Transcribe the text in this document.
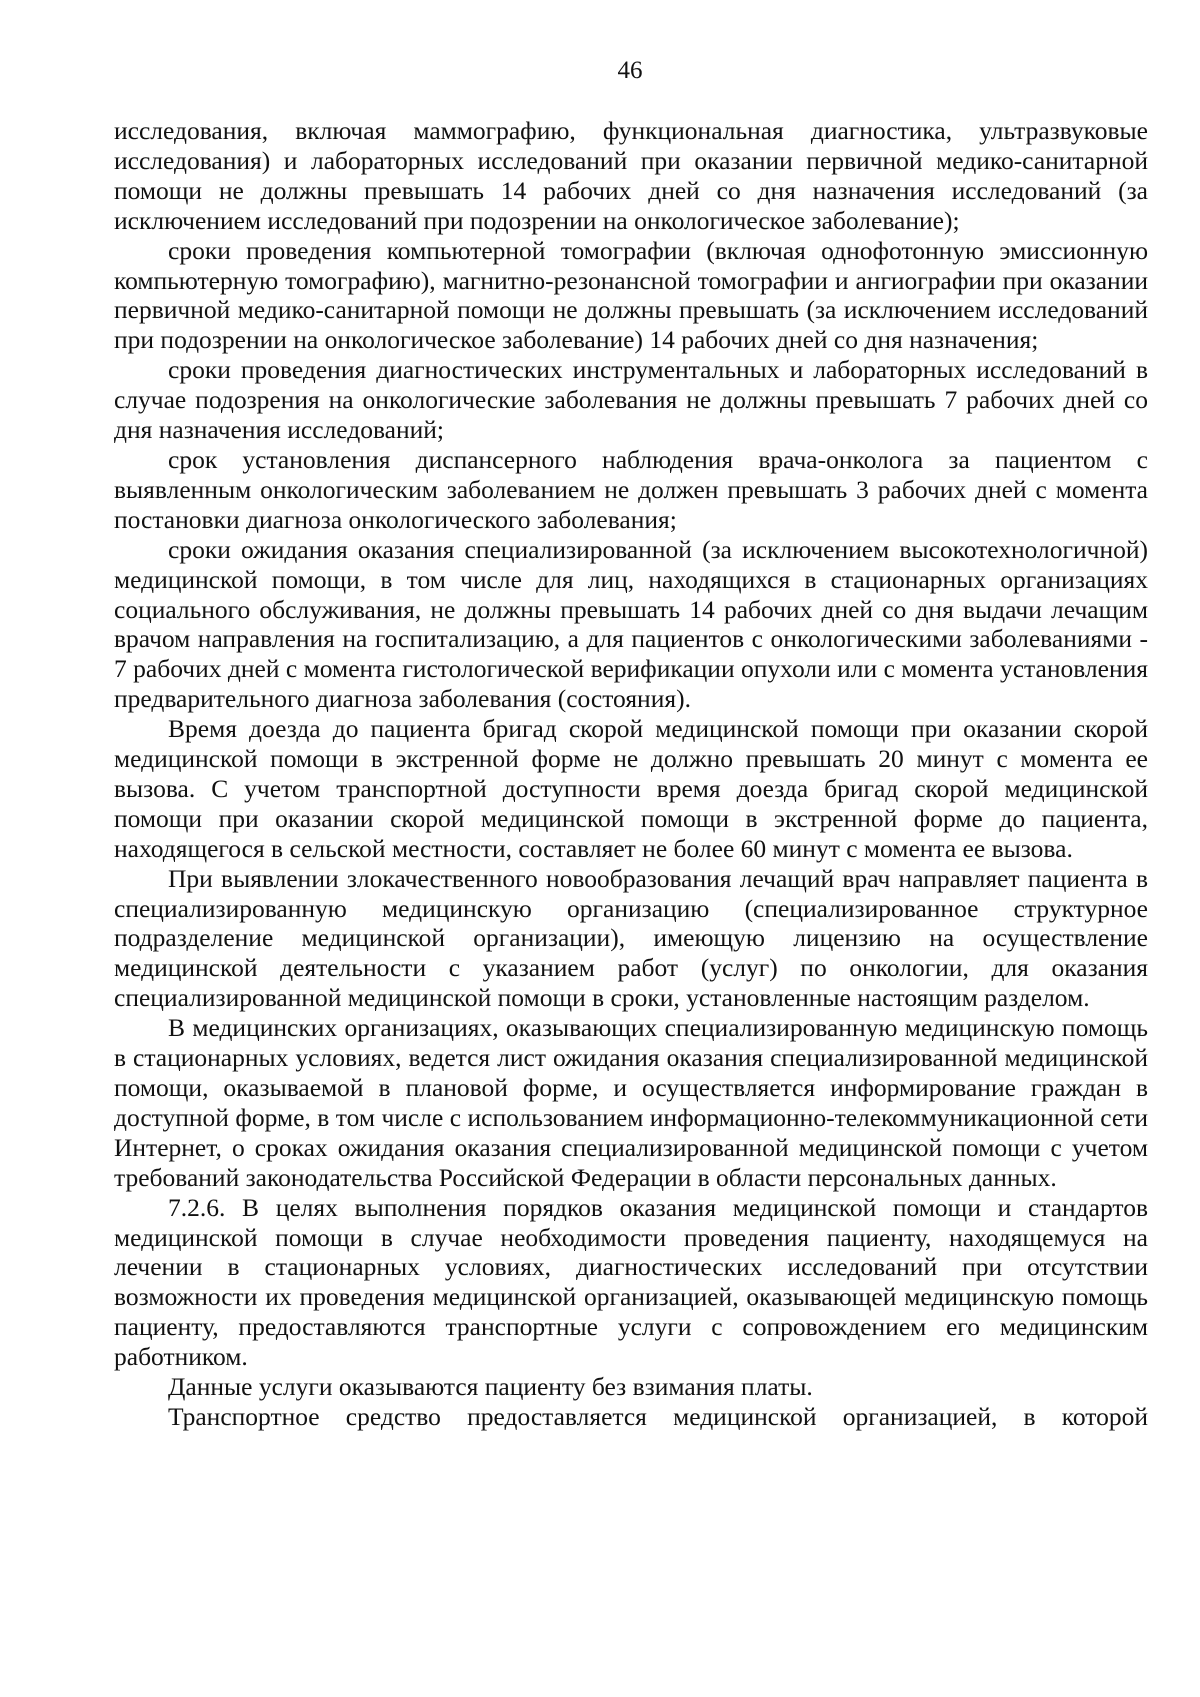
46

исследования, включая маммографию, функциональная диагностика, ультразвуковые исследования) и лабораторных исследований при оказании первичной медико-санитарной помощи не должны превышать 14 рабочих дней со дня назначения исследований (за исключением исследований при подозрении на онкологическое заболевание);

сроки проведения компьютерной томографии (включая однофотонную эмиссионную компьютерную томографию), магнитно-резонансной томографии и ангиографии при оказании первичной медико-санитарной помощи не должны превышать (за исключением исследований при подозрении на онкологическое заболевание) 14 рабочих дней со дня назначения;

сроки проведения диагностических инструментальных и лабораторных исследований в случае подозрения на онкологические заболевания не должны превышать 7 рабочих дней со дня назначения исследований;

срок установления диспансерного наблюдения врача-онколога за пациентом с выявленным онкологическим заболеванием не должен превышать 3 рабочих дней с момента постановки диагноза онкологического заболевания;

сроки ожидания оказания специализированной (за исключением высокотехнологичной) медицинской помощи, в том числе для лиц, находящихся в стационарных организациях социального обслуживания, не должны превышать 14 рабочих дней со дня выдачи лечащим врачом направления на госпитализацию, а для пациентов с онкологическими заболеваниями - 7 рабочих дней с момента гистологической верификации опухоли или с момента установления предварительного диагноза заболевания (состояния).

Время доезда до пациента бригад скорой медицинской помощи при оказании скорой медицинской помощи в экстренной форме не должно превышать 20 минут с момента ее вызова. С учетом транспортной доступности время доезда бригад скорой медицинской помощи при оказании скорой медицинской помощи в экстренной форме до пациента, находящегося в сельской местности, составляет не более 60 минут с момента ее вызова.

При выявлении злокачественного новообразования лечащий врач направляет пациента в специализированную медицинскую организацию (специализированное структурное подразделение медицинской организации), имеющую лицензию на осуществление медицинской деятельности с указанием работ (услуг) по онкологии, для оказания специализированной медицинской помощи в сроки, установленные настоящим разделом.

В медицинских организациях, оказывающих специализированную медицинскую помощь в стационарных условиях, ведется лист ожидания оказания специализированной медицинской помощи, оказываемой в плановой форме, и осуществляется информирование граждан в доступной форме, в том числе с использованием информационно-телекоммуникационной сети Интернет, о сроках ожидания оказания специализированной медицинской помощи с учетом требований законодательства Российской Федерации в области персональных данных.

7.2.6. В целях выполнения порядков оказания медицинской помощи и стандартов медицинской помощи в случае необходимости проведения пациенту, находящемуся на лечении в стационарных условиях, диагностических исследований при отсутствии возможности их проведения медицинской организацией, оказывающей медицинскую помощь пациенту, предоставляются транспортные услуги с сопровождением его медицинским работником.

Данные услуги оказываются пациенту без взимания платы.

Транспортное средство предоставляется медицинской организацией, в которой
